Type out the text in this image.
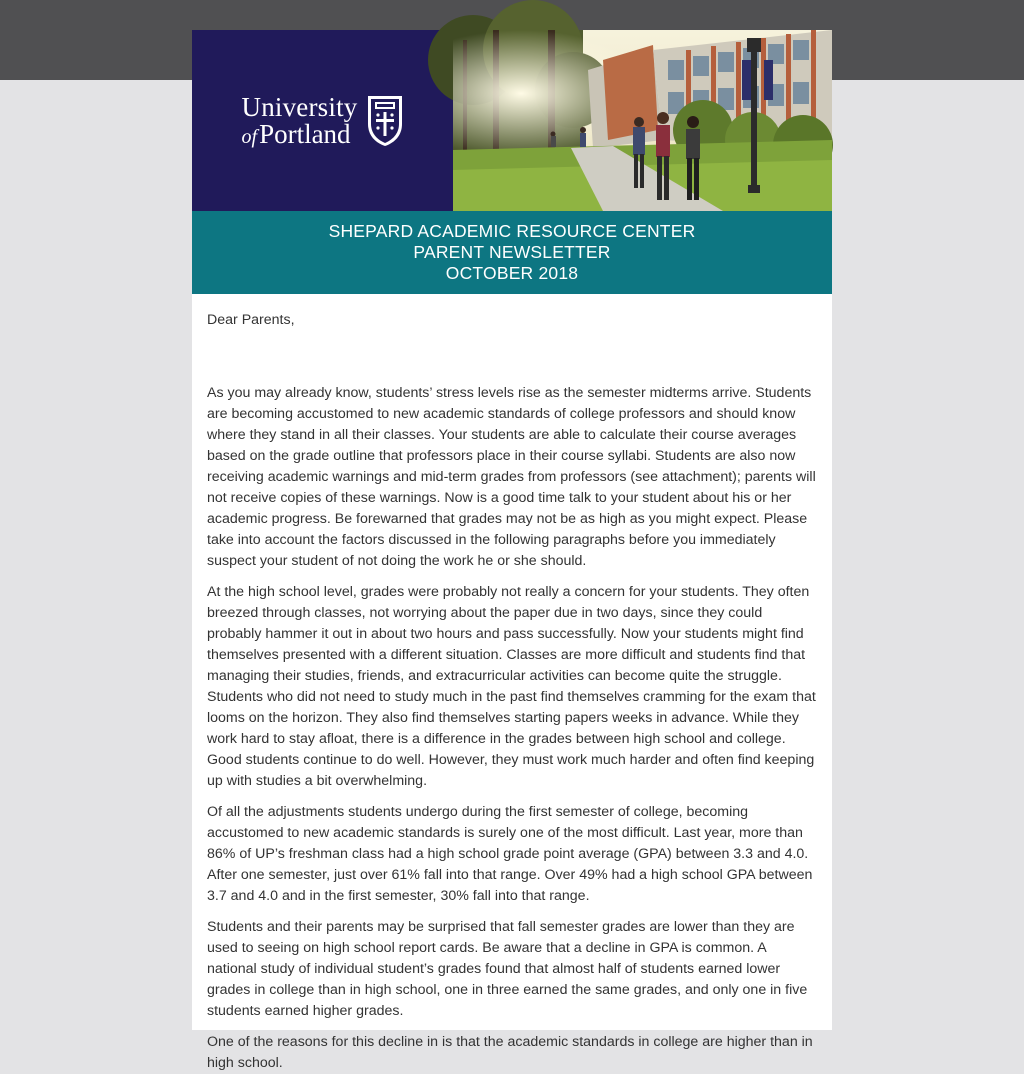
University
ofPortland
SHEPARD ACADEMIC RESOURCE CENTER
PARENT NEWSLETTER
OCTOBER 2018

Dear Parents,

As you may already know, students’ stress levels rise as the semester midterms arrive. Students are becoming accustomed to new academic standards of college professors and should know where they stand in all their classes. Your students are able to calculate their course averages based on the grade outline that professors place in their course syllabi. Students are also now receiving academic warnings and mid-term grades from professors (see attachment); parents will not receive copies of these warnings. Now is a good time talk to your student about his or her academic progress. Be forewarned that grades may not be as high as you might expect. Please take into account the factors discussed in the following paragraphs before you immediately suspect your student of not doing the work he or she should.

At the high school level, grades were probably not really a concern for your students. They often breezed through classes, not worrying about the paper due in two days, since they could probably hammer it out in about two hours and pass successfully. Now your students might find themselves presented with a different situation. Classes are more difficult and students find that managing their studies, friends, and extracurricular activities can become quite the struggle. Students who did not need to study much in the past find themselves cramming for the exam that looms on the horizon. They also find themselves starting papers weeks in advance. While they work hard to stay afloat, there is a difference in the grades between high school and college. Good students continue to do well. However, they must work much harder and often find keeping up with studies a bit overwhelming.

Of all the adjustments students undergo during the first semester of college, becoming accustomed to new academic standards is surely one of the most difficult. Last year, more than 86% of UP’s freshman class had a high school grade point average (GPA) between 3.3 and 4.0. After one semester, just over 61% fall into that range. Over 49% had a high school GPA between 3.7 and 4.0 and in the first semester, 30% fall into that range.

Students and their parents may be surprised that fall semester grades are lower than they are used to seeing on high school report cards. Be aware that a decline in GPA is common. A national study of individual student’s grades found that almost half of students earned lower grades in college than in high school, one in three earned the same grades, and only one in five students earned higher grades.

One of the reasons for this decline in is that the academic standards in college are higher than in high school.
